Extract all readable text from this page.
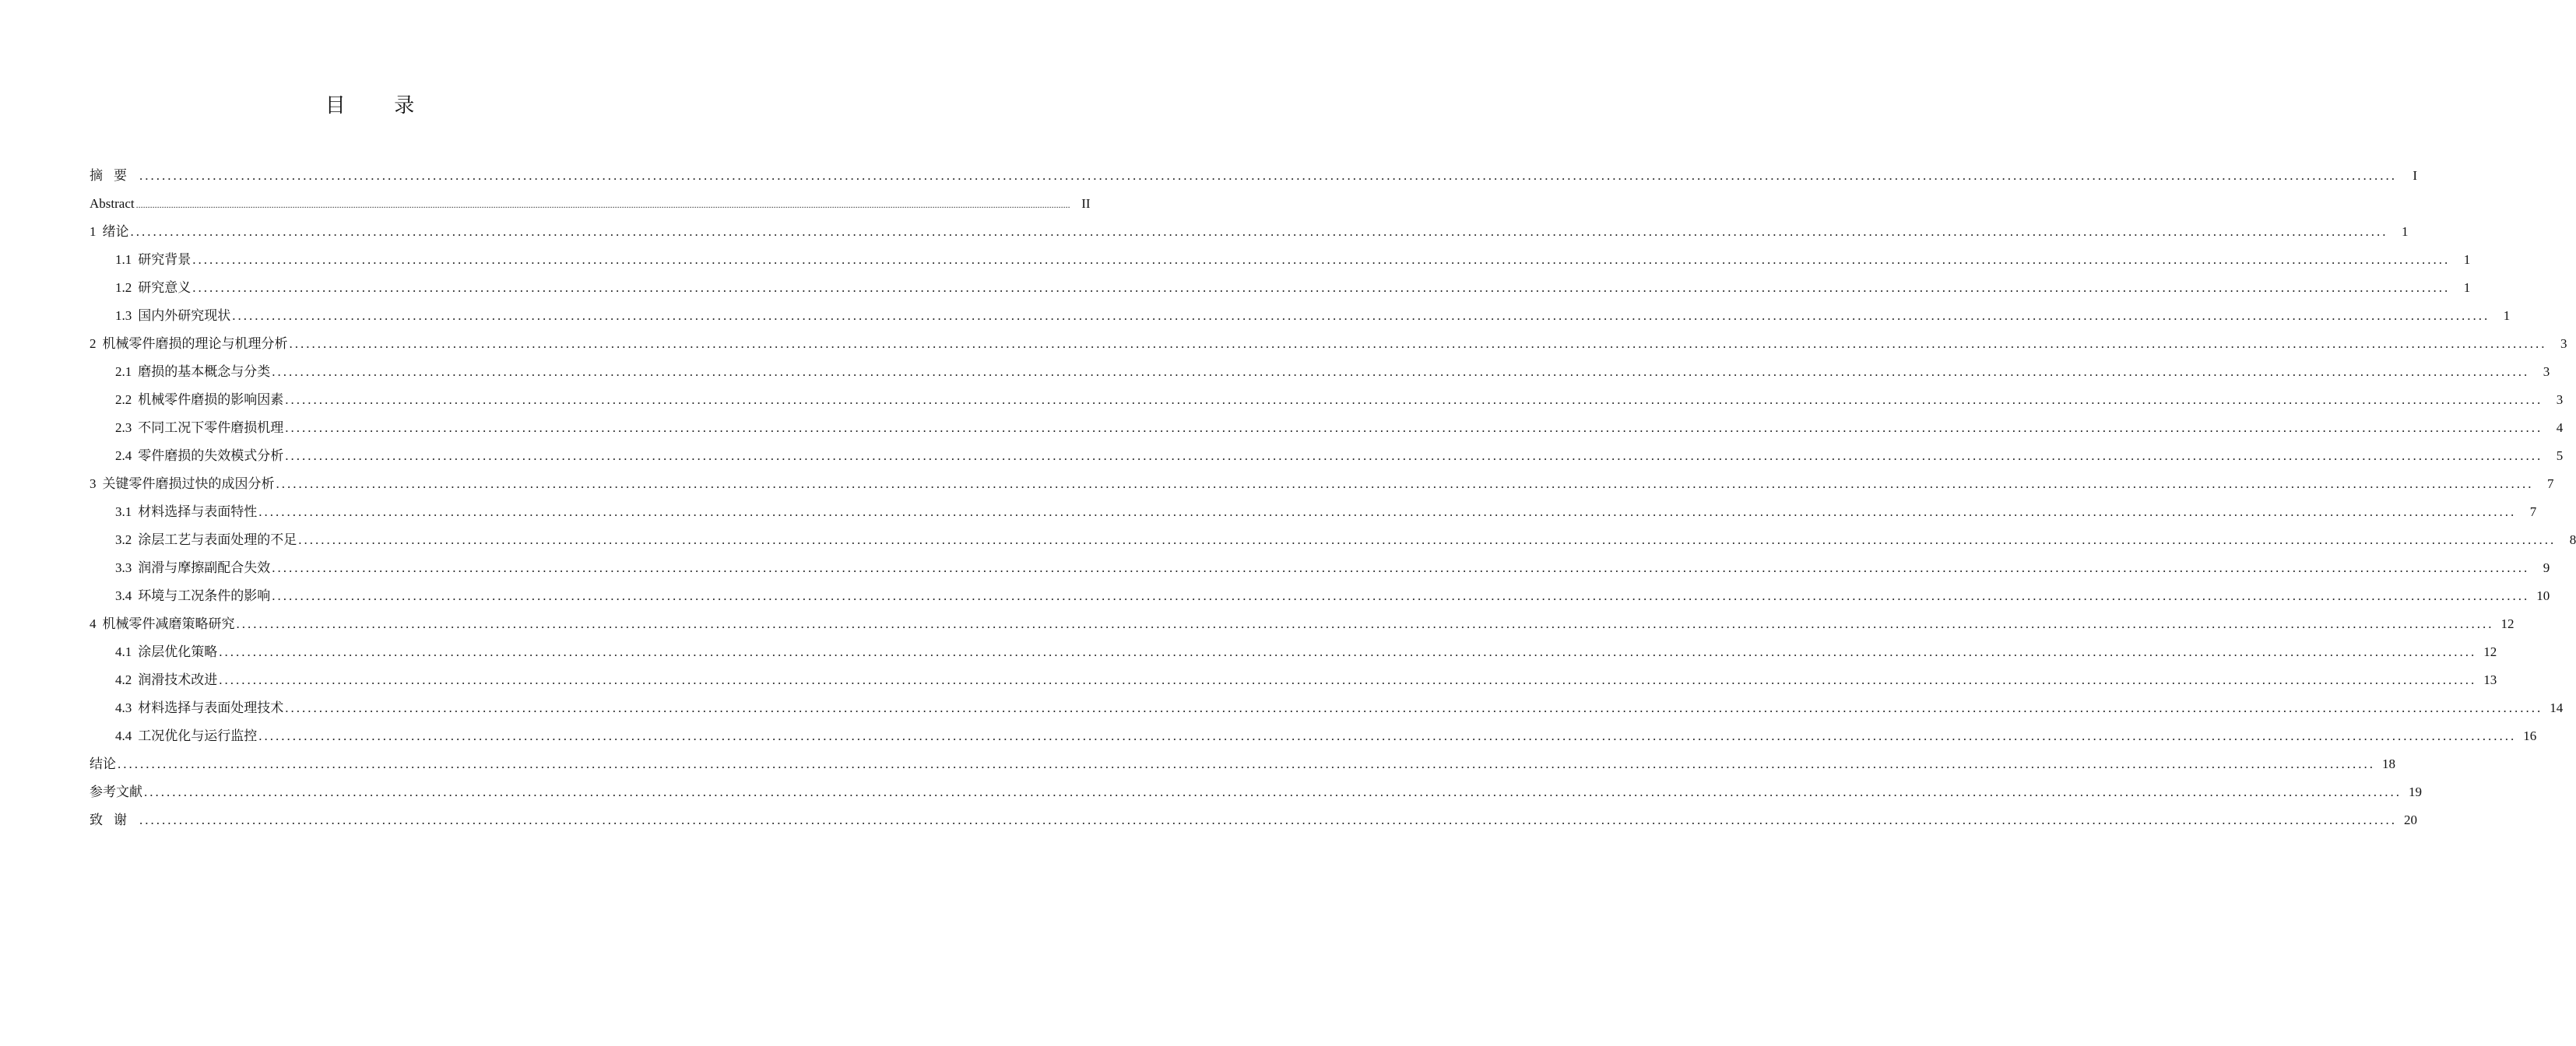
目 录
摘要 ................................................................................................................................................................................................................................................................................................................................................................................................................	I
Abstract ................................................................................................................................................................................................................................................................................................................................................................................................................ II
1 绪论 ................................................................................................................................................................................................................................................................................................................................................................................................................	1
1.1 研究背景 ................................................................................................................................................................................................................................................................................................................................................................................................................	1
1.2 研究意义 ................................................................................................................................................................................................................................................................................................................................................................................................................	1
1.3 国内外研究现状 ................................................................................................................................................................................................................................................................................................................................................................................................................	1
2 机械零件磨损的理论与机理分析 ................................................................................................................................................................................................................................................................................................................................................................................................................	3
2.1 磨损的基本概念与分类 ................................................................................................................................................................................................................................................................................................................................................................................................................	3
2.2 机械零件磨损的影响因素 ................................................................................................................................................................................................................................................................................................................................................................................................................	3
2.3 不同工况下零件磨损机理 ................................................................................................................................................................................................................................................................................................................................................................................................................	4
2.4 零件磨损的失效模式分析 ................................................................................................................................................................................................................................................................................................................................................................................................................	5
3 关键零件磨损过快的成因分析 ................................................................................................................................................................................................................................................................................................................................................................................................................	7
3.1 材料选择与表面特性 ................................................................................................................................................................................................................................................................................................................................................................................................................	7
3.2 涂层工艺与表面处理的不足 ................................................................................................................................................................................................................................................................................................................................................................................................................	8
3.3 润滑与摩擦副配合失效 ................................................................................................................................................................................................................................................................................................................................................................................................................	9
3.4 环境与工况条件的影响 ................................................................................................................................................................................................................................................................................................................................................................................................................ 10
4 机械零件减磨策略研究 ................................................................................................................................................................................................................................................................................................................................................................................................................ 12
4.1 涂层优化策略 ................................................................................................................................................................................................................................................................................................................................................................................................................ 12
4.2 润滑技术改进 ................................................................................................................................................................................................................................................................................................................................................................................................................ 13
4.3 材料选择与表面处理技术 ................................................................................................................................................................................................................................................................................................................................................................................................................ 14
4.4 工况优化与运行监控 ................................................................................................................................................................................................................................................................................................................................................................................................................ 16
结论 ................................................................................................................................................................................................................................................................................................................................................................................................................ 18
参考文献 ................................................................................................................................................................................................................................................................................................................................................................................................................ 19
致谢 ................................................................................................................................................................................................................................................................................................................................................................................................................ 20
